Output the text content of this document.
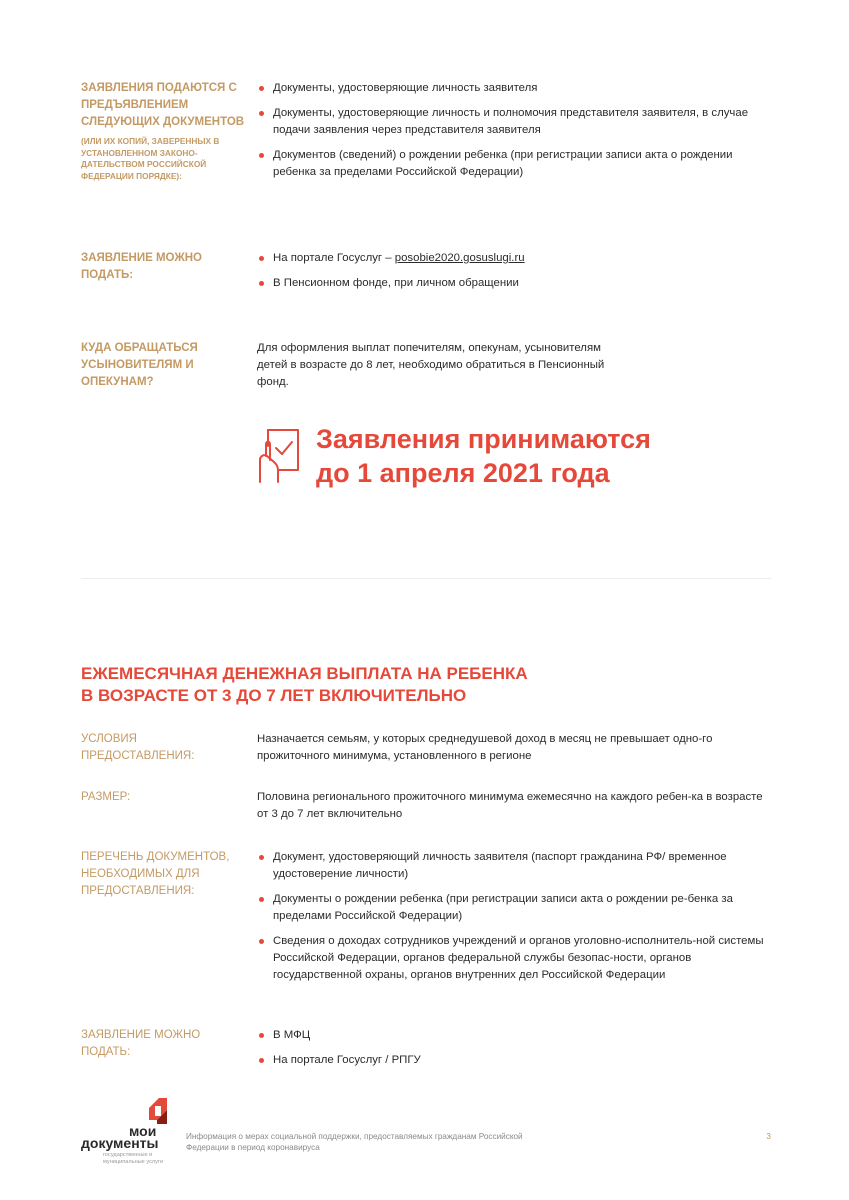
ЗАЯВЛЕНИЯ ПОДАЮТСЯ С ПРЕДЪЯВЛЕНИЕМ СЛЕДУЮЩИХ ДОКУМЕНТОВ
(ИЛИ ИХ КОПИЙ, ЗАВЕРЕННЫХ В УСТАНОВЛЕННОМ ЗАКОНО-ДАТЕЛЬСТВОМ РОССИЙСКОЙ ФЕДЕРАЦИИ ПОРЯДКЕ):
Документы, удостоверяющие личность заявителя
Документы, удостоверяющие личность и полномочия представителя заявителя, в случае подачи заявления через представителя заявителя
Документов (сведений) о рождении ребенка (при регистрации записи акта о рождении ребенка за пределами Российской Федерации)
ЗАЯВЛЕНИЕ МОЖНО ПОДАТЬ:
На портале Госуслуг – posobie2020.gosuslugi.ru
В Пенсионном фонде, при личном обращении
КУДА ОБРАЩАТЬСЯ УСЫНОВИТЕЛЯМ И ОПЕКУНАМ?
Для оформления выплат попечителям, опекунам, усыновителям детей в возрасте до 8 лет, необходимо обратиться в Пенсионный фонд.
Заявления принимаются
до 1 апреля 2021 года
ЕЖЕМЕСЯЧНАЯ ДЕНЕЖНАЯ ВЫПЛАТА НА РЕБЕНКА
В ВОЗРАСТЕ ОТ 3 ДО 7 ЛЕТ ВКЛЮЧИТЕЛЬНО
УСЛОВИЯ ПРЕДОСТАВЛЕНИЯ:
Назначается семьям, у которых среднедушевой доход в месяц не превышает одно-го прожиточного минимума, установленного в регионе
РАЗМЕР:	Половина регионального прожиточного минимума ежемесячно на каждого ребен-ка в возрасте от 3 до 7 лет включительно
ПЕРЕЧЕНЬ ДОКУМЕНТОВ, НЕОБХОДИМЫХ ДЛЯ ПРЕДОСТАВЛЕНИЯ:
Документ, удостоверяющий личность заявителя (паспорт гражданина РФ/ временное удостоверение личности)
Документы о рождении ребенка (при регистрации записи акта о рождении ре-бенка за пределами Российской Федерации)
Сведения о доходах сотрудников учреждений и органов уголовно-исполнитель-ной системы Российской Федерации, органов федеральной службы безопас-ности, органов государственной охраны, органов внутренних дел Российской Федерации
ЗАЯВЛЕНИЕ МОЖНО ПОДАТЬ:
В МФЦ
На портале Госуслуг / РПГУ
мои
документы
государственные и муниципальные услуги
Информация о мерах социальной поддержки, предоставляемых гражданам Российской Федерации в период коронавируса
3
